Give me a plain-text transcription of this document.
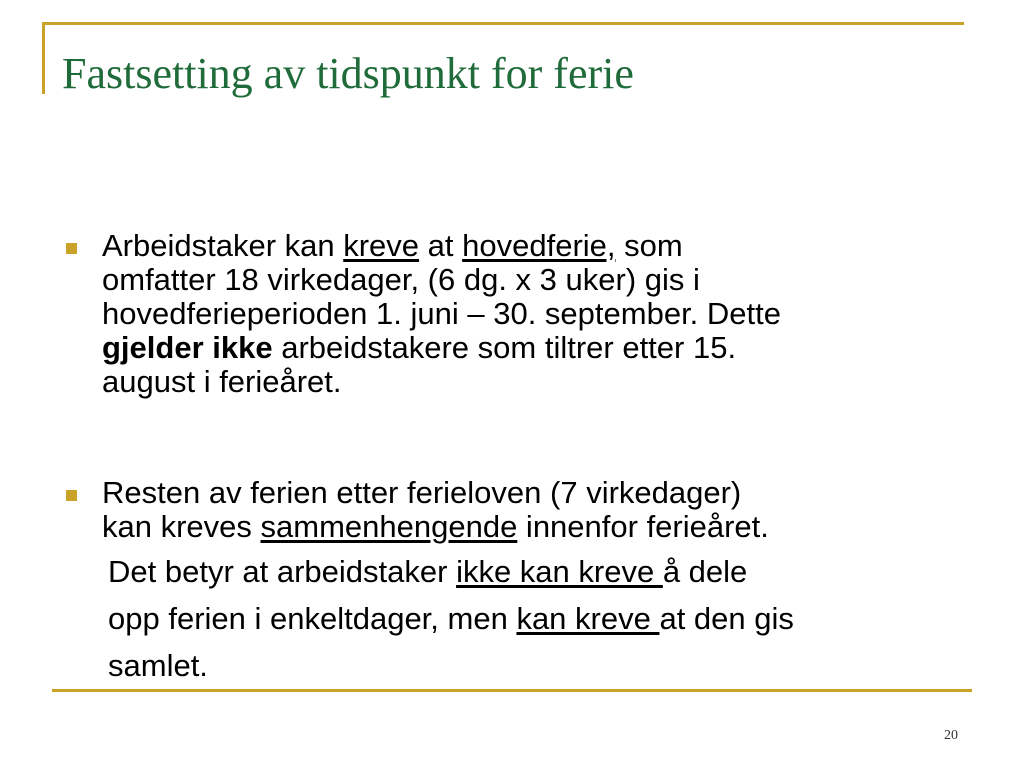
Fastsetting av tidspunkt for ferie

Arbeidstaker kan kreve at hovedferie, som
omfatter 18 virkedager, (6 dg. x 3 uker) gis i
hovedferieperioden 1. juni – 30. september. Dette
gjelder ikke arbeidstakere som tiltrer etter 15.
august i ferieåret.

Resten av ferien etter ferieloven (7 virkedager)
kan kreves sammenhengende innenfor ferieåret.
Det betyr at arbeidstaker ikke kan kreve å dele
opp ferien i enkeltdager, men kan kreve at den gis
samlet.

20
